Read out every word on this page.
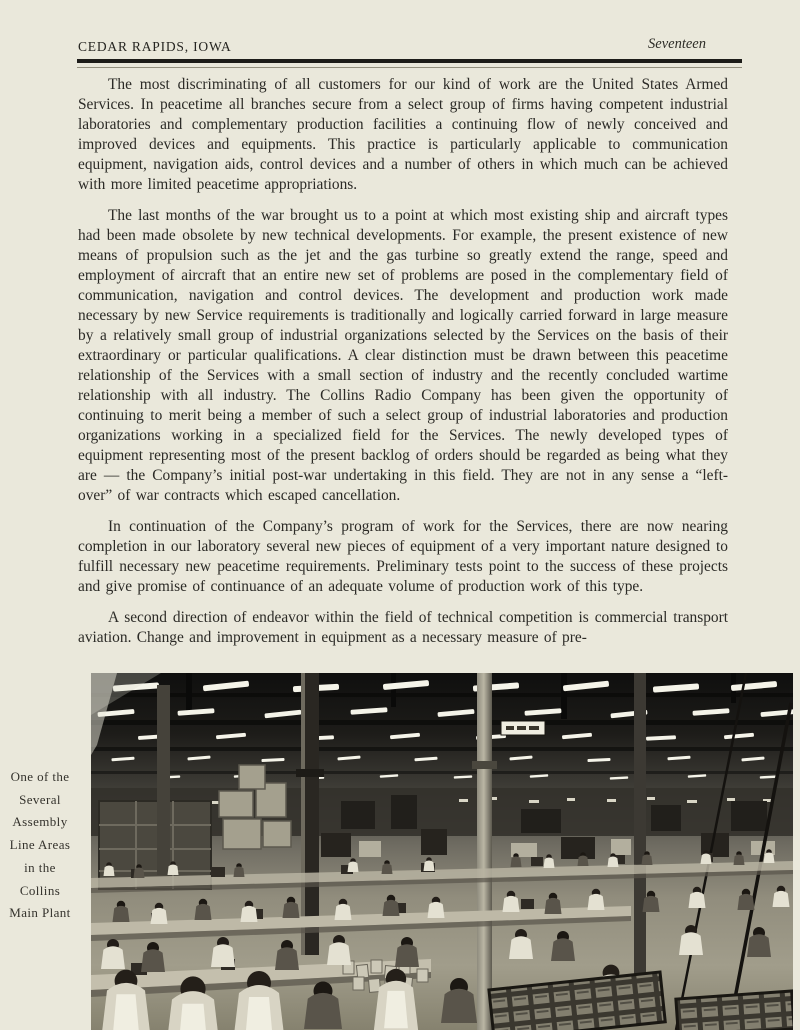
CEDAR RAPIDS, IOWA	Seventeen

The most discriminating of all customers for our kind of work are the United States Armed Services. In peacetime all branches secure from a select group of firms having competent industrial laboratories and complementary production facilities a continuing flow of newly conceived and improved devices and equipments. This practice is particularly applicable to communication equipment, navigation aids, control devices and a number of others in which much can be achieved with more limited peacetime appropriations.

The last months of the war brought us to a point at which most existing ship and aircraft types had been made obsolete by new technical developments. For example, the present existence of new means of propulsion such as the jet and the gas turbine so greatly extend the range, speed and employment of aircraft that an entire new set of problems are posed in the complementary field of communication, navigation and control devices. The development and production work made necessary by new Service requirements is traditionally and logically carried forward in large measure by a relatively small group of industrial organizations selected by the Services on the basis of their extraordinary or particular qualifications. A clear distinction must be drawn between this peacetime relationship of the Services with a small section of industry and the recently concluded wartime relationship with all industry. The Collins Radio Company has been given the opportunity of continuing to merit being a member of such a select group of industrial laboratories and production organizations working in a specialized field for the Services. The newly developed types of equipment representing most of the present backlog of orders should be regarded as being what they are — the Company’s initial post-war undertaking in this field. They are not in any sense a “left-over” of war contracts which escaped cancellation.

In continuation of the Company’s program of work for the Services, there are now nearing completion in our laboratory several new pieces of equipment of a very important nature designed to fulfill necessary new peacetime requirements. Preliminary tests point to the success of these projects and give promise of continuance of an adequate volume of production work of this type.

A second direction of endeavor within the field of technical competition is commercial transport aviation. Change and improvement in equipment as a necessary measure of pre-

One of the
Several
Assembly
Line Areas
in the
Collins
Main Plant
